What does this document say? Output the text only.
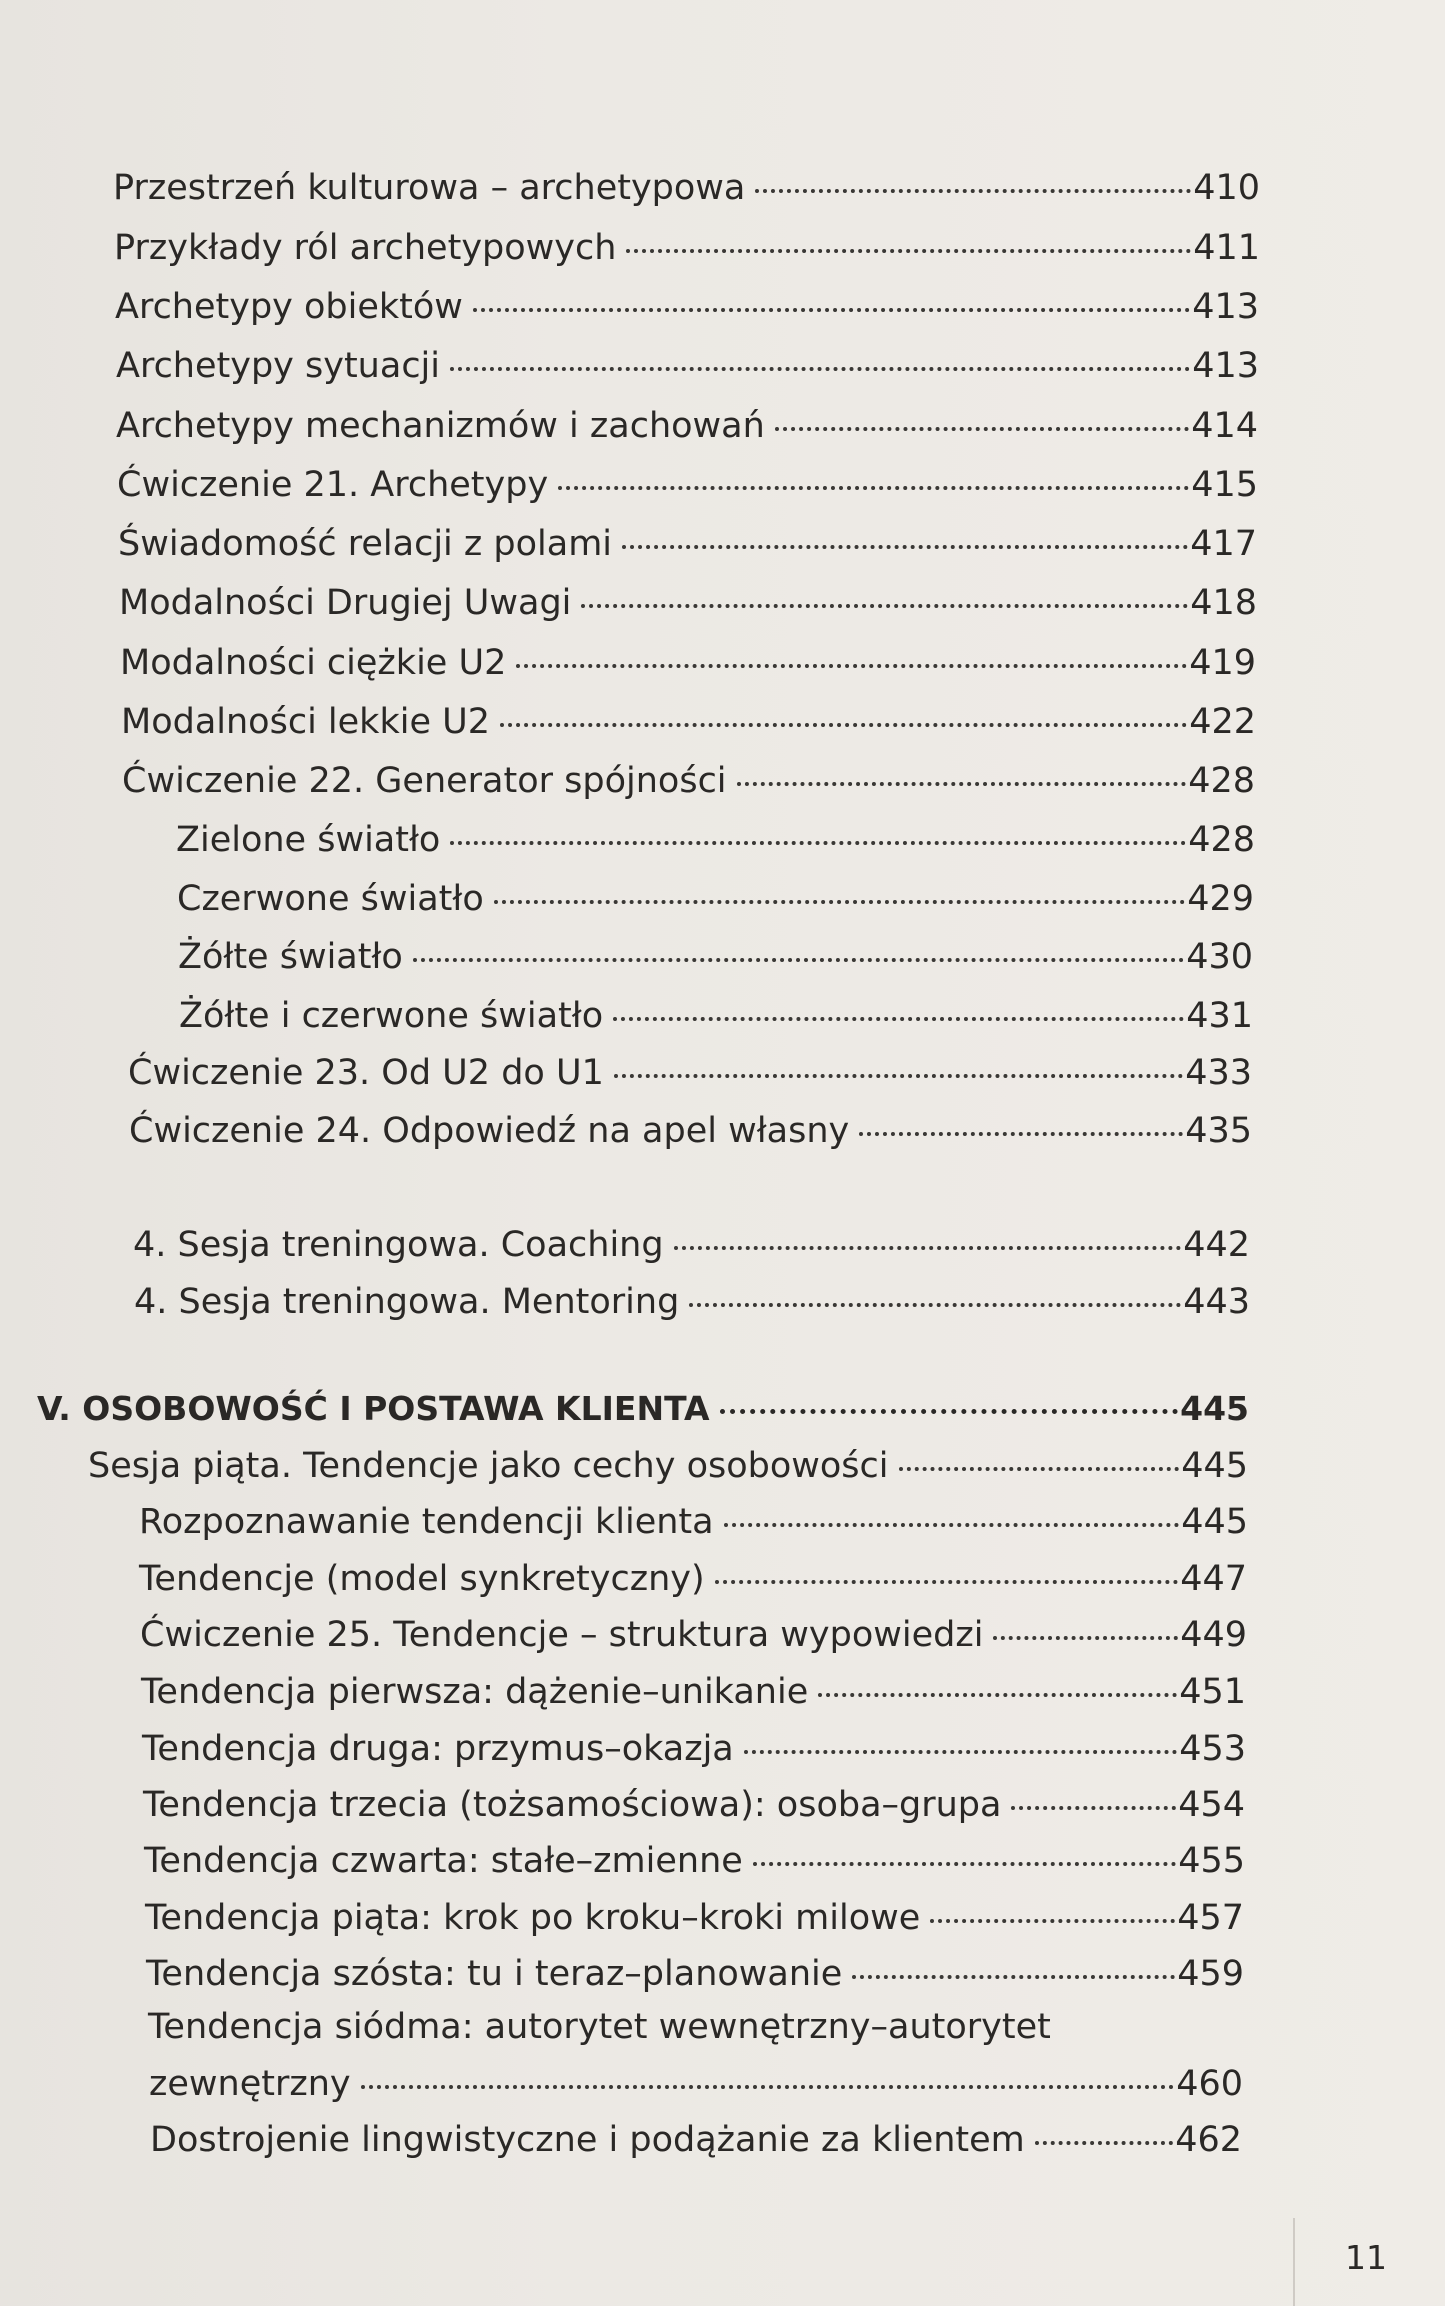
Przestrzeń kulturowa – archetypowa	410
Przykłady ról archetypowych	411
Archetypy obiektów	413
Archetypy sytuacji	413
Archetypy mechanizmów i zachowań	414
Ćwiczenie 21. Archetypy	415
Świadomość relacji z polami	417
Modalności Drugiej Uwagi	418
Modalności ciężkie U2	419
Modalności lekkie U2	422
Ćwiczenie 22. Generator spójności	428
Zielone światło	428
Czerwone światło	429
Żółte światło	430
Żółte i czerwone światło	431
Ćwiczenie 23. Od U2 do U1	433
Ćwiczenie 24. Odpowiedź na apel własny	435
4. Sesja treningowa. Coaching	442
4. Sesja treningowa. Mentoring	443
V. OSOBOWOŚĆ I POSTAWA KLIENTA	445
Sesja piąta. Tendencje jako cechy osobowości	445
Rozpoznawanie tendencji klienta	445
Tendencje (model synkretyczny)	447
Ćwiczenie 25. Tendencje – struktura wypowiedzi	449
Tendencja pierwsza: dążenie–unikanie	451
Tendencja druga: przymus–okazja	453
Tendencja trzecia (tożsamościowa): osoba–grupa	454
Tendencja czwarta: stałe–zmienne	455
Tendencja piąta: krok po kroku–kroki milowe	457
Tendencja szósta: tu i teraz–planowanie	459
Tendencja siódma: autorytet wewnętrzny–autorytet
zewnętrzny	460
Dostrojenie lingwistyczne i podążanie za klientem	462
11
